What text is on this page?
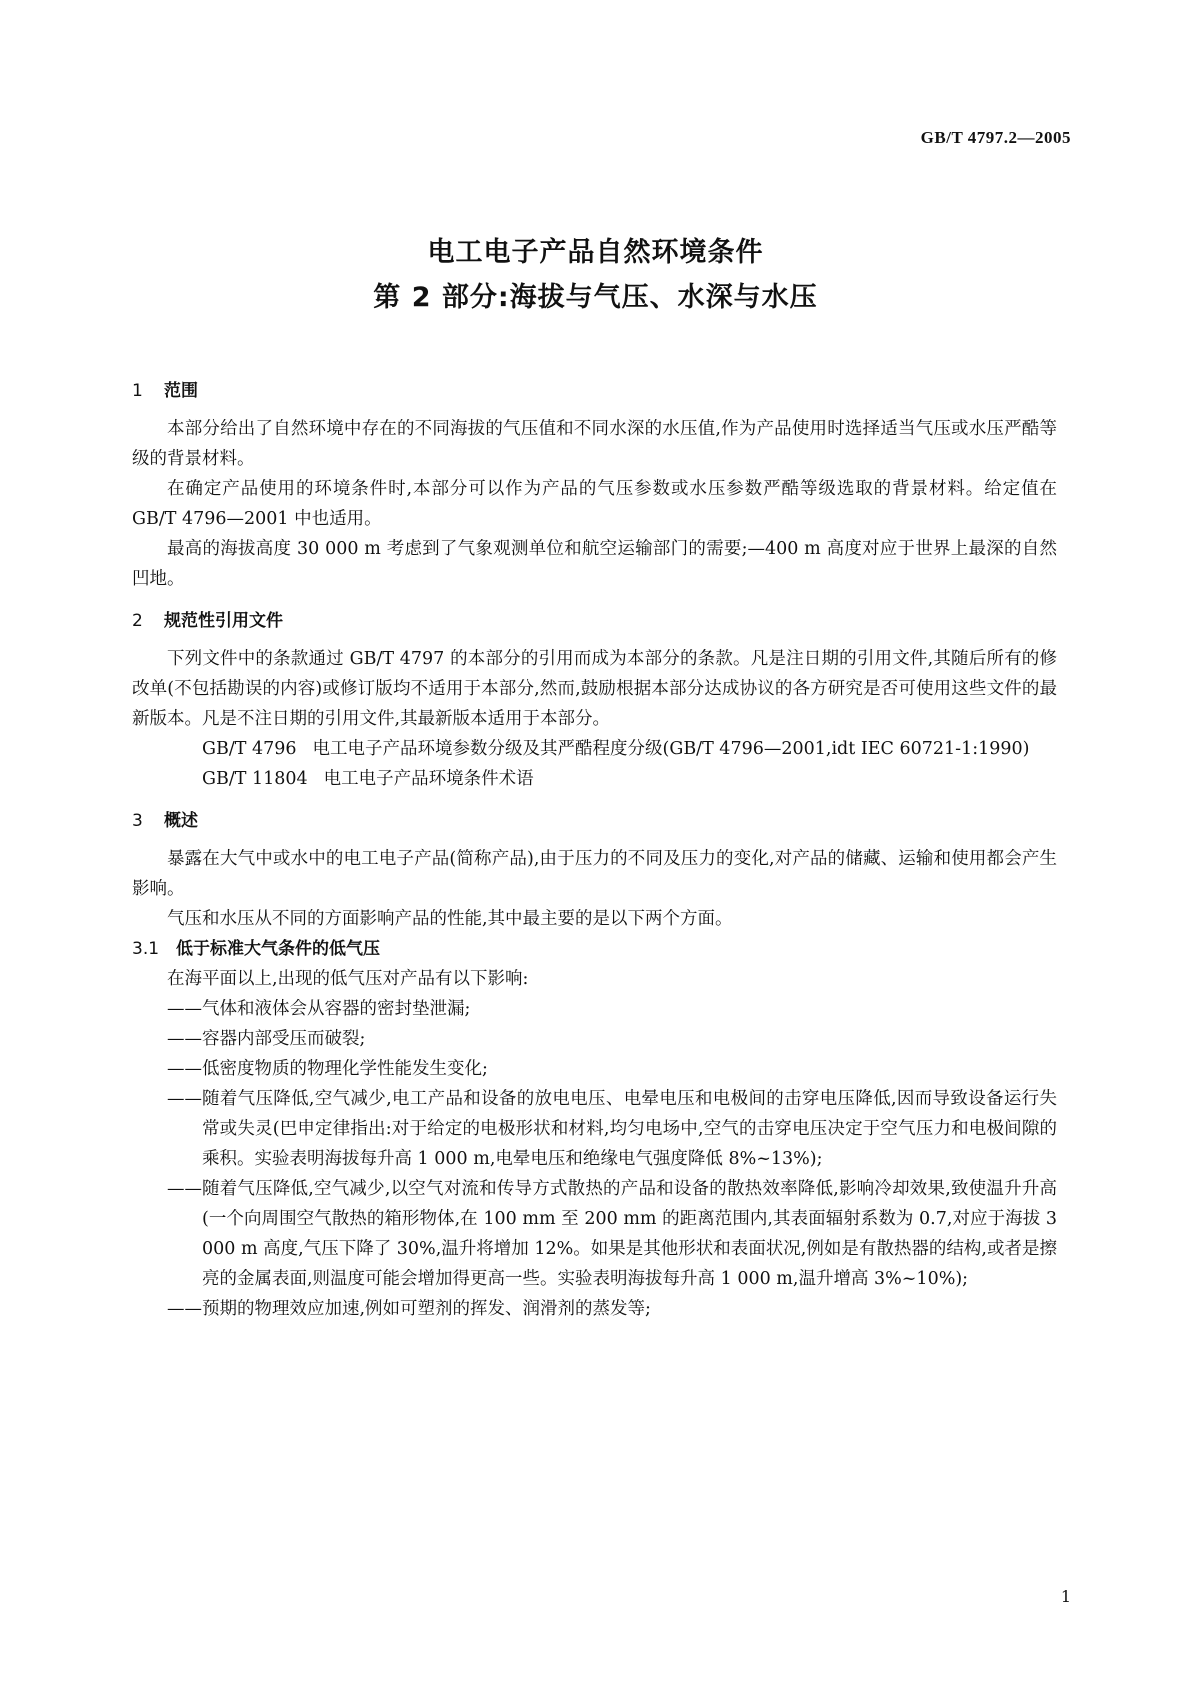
GB/T 4797.2—2005
电工电子产品自然环境条件
第 2 部分:海拔与气压、水深与水压
1 范围

本部分给出了自然环境中存在的不同海拔的气压值和不同水深的水压值,作为产品使用时选择适当气压或水压严酷等级的背景材料。

在确定产品使用的环境条件时,本部分可以作为产品的气压参数或水压参数严酷等级选取的背景材料。给定值在 GB/T 4796—2001 中也适用。

最高的海拔高度 30 000 m 考虑到了气象观测单位和航空运输部门的需要;—400 m 高度对应于世界上最深的自然凹地。

2 规范性引用文件

下列文件中的条款通过 GB/T 4797 的本部分的引用而成为本部分的条款。凡是注日期的引用文件,其随后所有的修改单(不包括勘误的内容)或修订版均不适用于本部分,然而,鼓励根据本部分达成协议的各方研究是否可使用这些文件的最新版本。凡是不注日期的引用文件,其最新版本适用于本部分。

GB/T 4796 电工电子产品环境参数分级及其严酷程度分级(GB/T 4796—2001,idt IEC 60721-1:1990)

GB/T 11804 电工电子产品环境条件术语

3 概述

暴露在大气中或水中的电工电子产品(简称产品),由于压力的不同及压力的变化,对产品的储藏、运输和使用都会产生影响。

气压和水压从不同的方面影响产品的性能,其中最主要的是以下两个方面。

3.1 低于标准大气条件的低气压

在海平面以上,出现的低气压对产品有以下影响:

—— 气体和液体会从容器的密封垫泄漏;
—— 容器内部受压而破裂;
—— 低密度物质的物理化学性能发生变化;
—— 随着气压降低,空气减少,电工产品和设备的放电电压、电晕电压和电极间的击穿电压降低,因而导致设备运行失常或失灵(巴申定律指出:对于给定的电极形状和材料,均匀电场中,空气的击穿电压决定于空气压力和电极间隙的乘积。实验表明海拔每升高 1 000 m,电晕电压和绝缘电气强度降低 8%~13%);
—— 随着气压降低,空气减少,以空气对流和传导方式散热的产品和设备的散热效率降低,影响冷却效果,致使温升升高(一个向周围空气散热的箱形物体,在 100 mm 至 200 mm 的距离范围内,其表面辐射系数为 0.7,对应于海拔 3 000 m 高度,气压下降了 30%,温升将增加 12%。如果是其他形状和表面状况,例如是有散热器的结构,或者是擦亮的金属表面,则温度可能会增加得更高一些。实验表明海拔每升高 1 000 m,温升增高 3%~10%);
—— 预期的物理效应加速,例如可塑剂的挥发、润滑剂的蒸发等;
1
